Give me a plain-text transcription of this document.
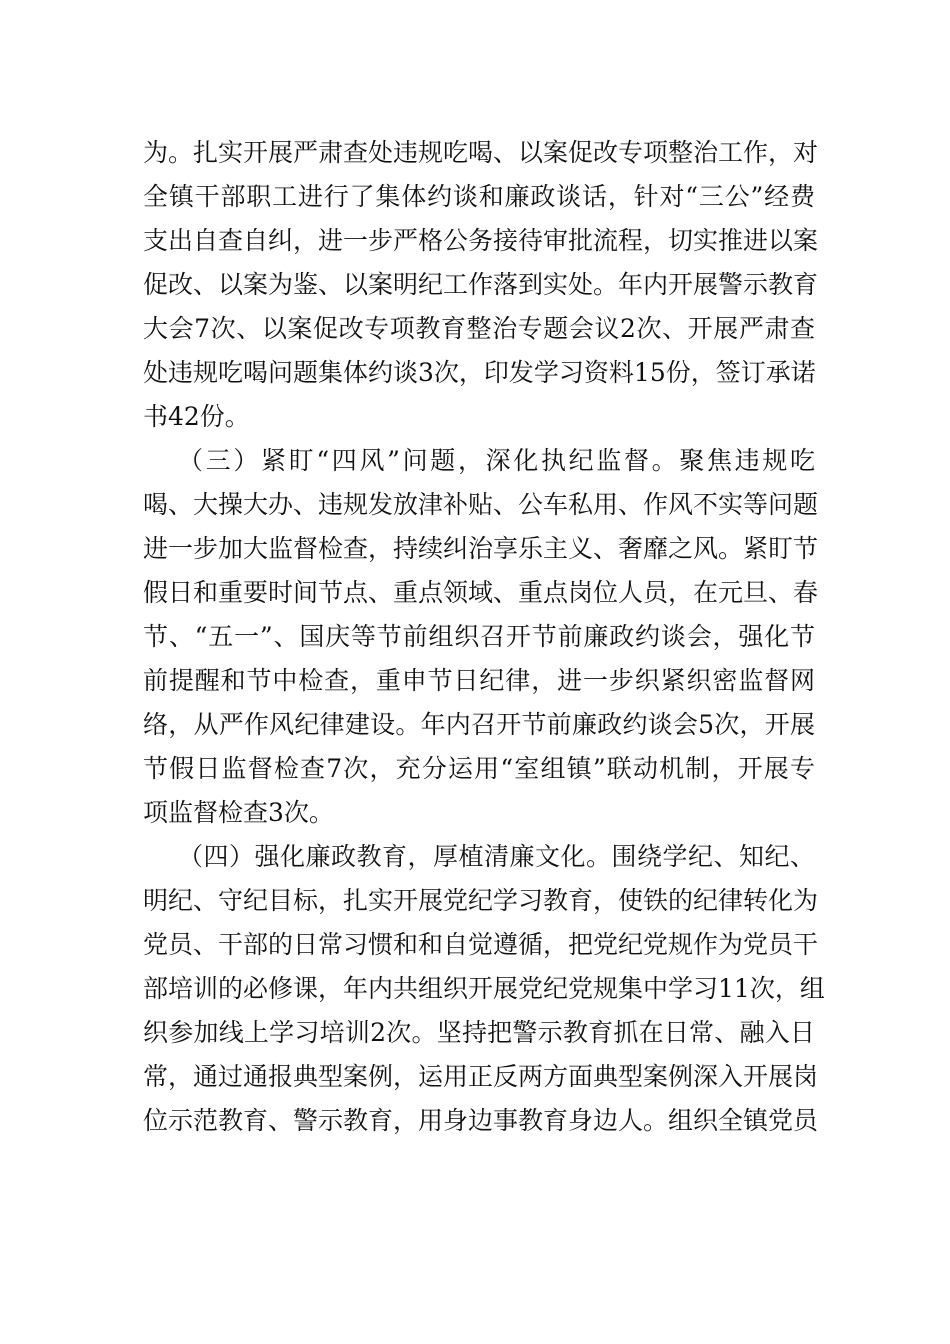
为。扎实开展严肃查处违规吃喝、以案促改专项整治工作，对
全镇干部职工进行了集体约谈和廉政谈话，针对“三公”经费
支出自查自纠，进一步严格公务接待审批流程，切实推进以案
促改、以案为鉴、以案明纪工作落到实处。年内开展警示教育
大会7次、以案促改专项教育整治专题会议2次、开展严肃查
处违规吃喝问题集体约谈3次，印发学习资料15份，签订承诺
书42份。
（三）紧盯“四风”问题，深化执纪监督。聚焦违规吃
喝、大操大办、违规发放津补贴、公车私用、作风不实等问题
进一步加大监督检查，持续纠治享乐主义、奢靡之风。紧盯节
假日和重要时间节点、重点领域、重点岗位人员，在元旦、春
节、“五一”、国庆等节前组织召开节前廉政约谈会，强化节
前提醒和节中检查，重申节日纪律，进一步织紧织密监督网
络，从严作风纪律建设。年内召开节前廉政约谈会5次，开展
节假日监督检查7次，充分运用“室组镇”联动机制，开展专
项监督检查3次。
（四）强化廉政教育，厚植清廉文化。围绕学纪、知纪、
明纪、守纪目标，扎实开展党纪学习教育，使铁的纪律转化为
党员、干部的日常习惯和和自觉遵循，把党纪党规作为党员干
部培训的必修课，年内共组织开展党纪党规集中学习11次，组
织参加线上学习培训2次。坚持把警示教育抓在日常、融入日
常，通过通报典型案例，运用正反两方面典型案例深入开展岗
位示范教育、警示教育，用身边事教育身边人。组织全镇党员
